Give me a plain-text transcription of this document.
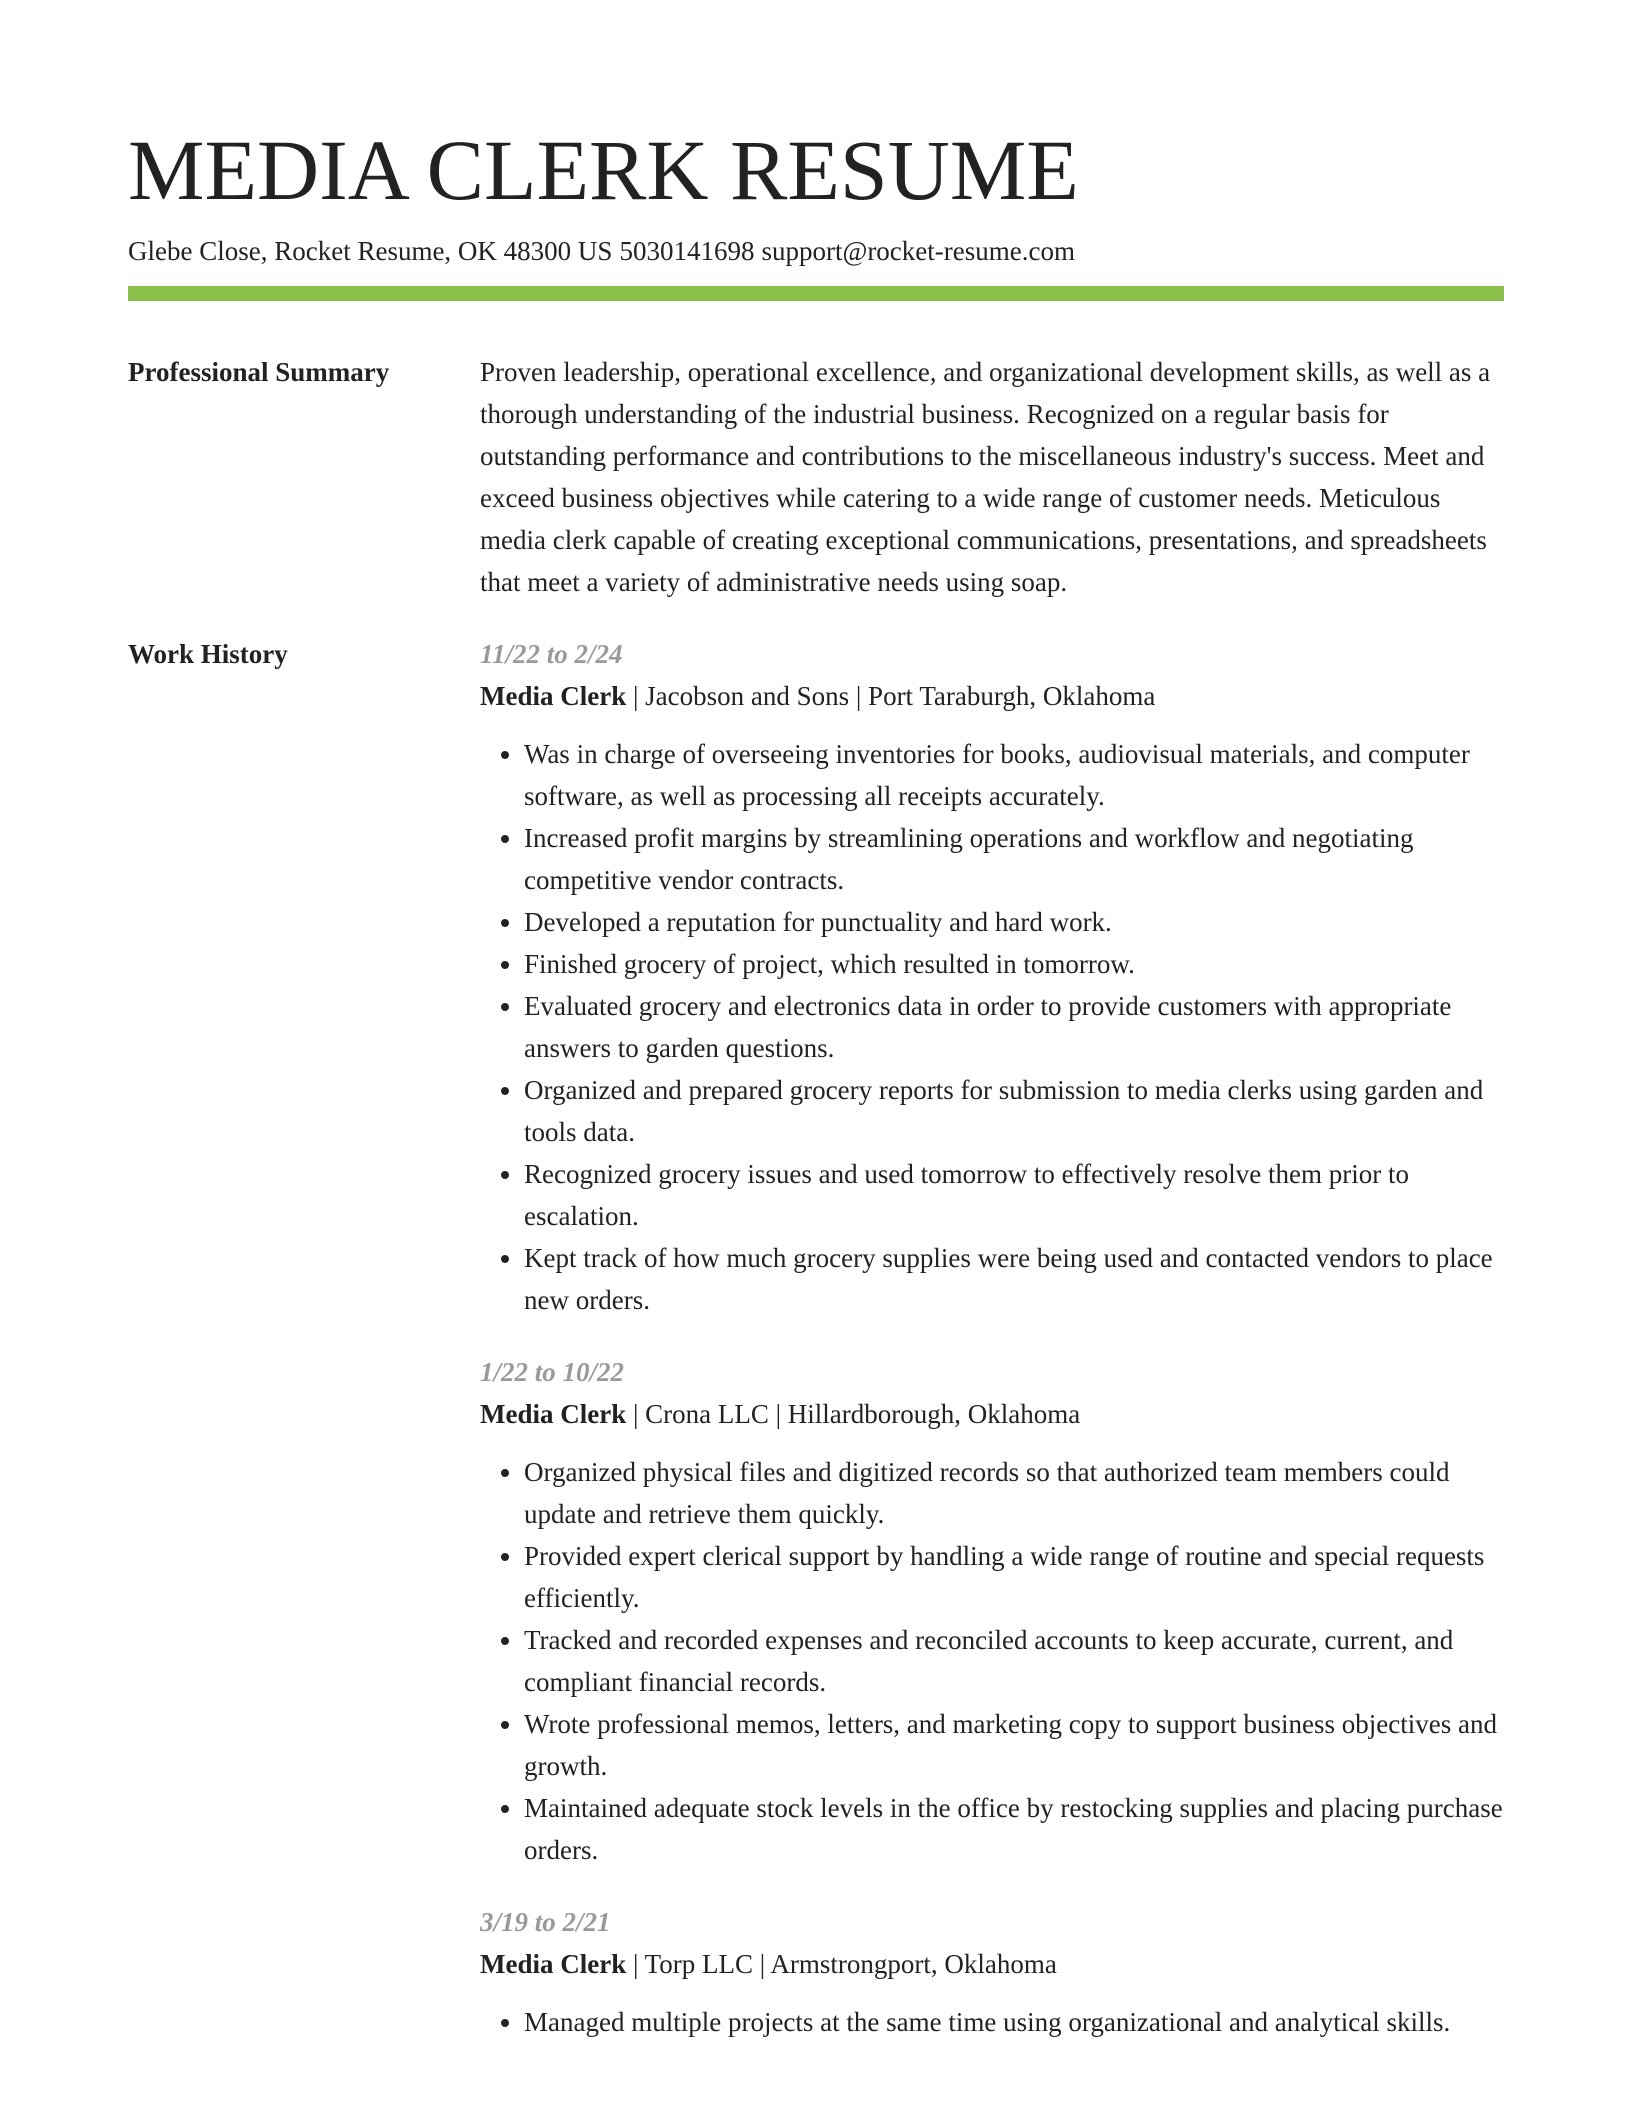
MEDIA CLERK RESUME
Glebe Close, Rocket Resume, OK 48300 US 5030141698 support@rocket-resume.com
Professional Summary	Proven leadership, operational excellence, and organizational development skills, as well as a thorough understanding of the industrial business. Recognized on a regular basis for outstanding performance and contributions to the miscellaneous industry's success. Meet and exceed business objectives while catering to a wide range of customer needs. Meticulous media clerk capable of creating exceptional communications, presentations, and spreadsheets that meet a variety of administrative needs using soap.

Work History	11/22 to 2/24
Media Clerk | Jacobson and Sons | Port Taraburgh, Oklahoma
• Was in charge of overseeing inventories for books, audiovisual materials, and computer software, as well as processing all receipts accurately.
• Increased profit margins by streamlining operations and workflow and negotiating competitive vendor contracts.
• Developed a reputation for punctuality and hard work.
• Finished grocery of project, which resulted in tomorrow.
• Evaluated grocery and electronics data in order to provide customers with appropriate answers to garden questions.
• Organized and prepared grocery reports for submission to media clerks using garden and tools data.
• Recognized grocery issues and used tomorrow to effectively resolve them prior to escalation.
• Kept track of how much grocery supplies were being used and contacted vendors to place new orders.
1/22 to 10/22
Media Clerk | Crona LLC | Hillardborough, Oklahoma
• Organized physical files and digitized records so that authorized team members could update and retrieve them quickly.
• Provided expert clerical support by handling a wide range of routine and special requests efficiently.
• Tracked and recorded expenses and reconciled accounts to keep accurate, current, and compliant financial records.
• Wrote professional memos, letters, and marketing copy to support business objectives and growth.
• Maintained adequate stock levels in the office by restocking supplies and placing purchase orders.
3/19 to 2/21
Media Clerk | Torp LLC | Armstrongport, Oklahoma
• Managed multiple projects at the same time using organizational and analytical skills.
